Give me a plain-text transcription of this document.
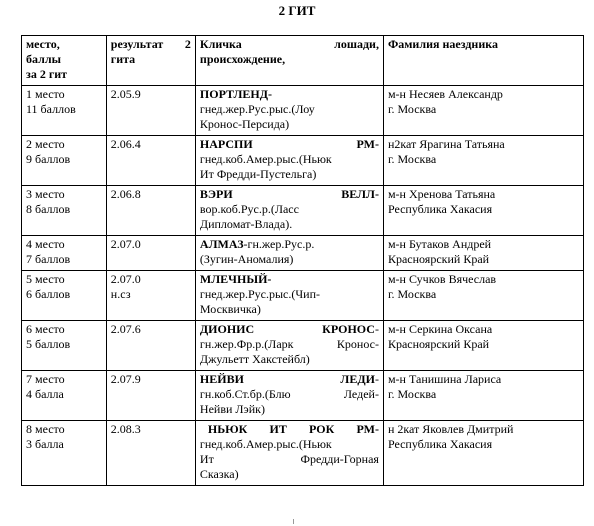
2 ГИТ
место,
баллы
за 2 гит	результат 2
гита	Кличка лошади,
происхождение,	Фамилия наездника

1 место
11 баллов	2.05.9	ПОРТЛЕНД-
гнед.жер.Рус.рыс.(Лоу
Кронос-Персида)	м-н Несяев Александр
г. Москва

2 место
9 баллов	2.06.4	НАРСПИ РМ-
гнед.коб.Амер.рыс.(Ньюк
Ит Фредди-Пустельга)	н2кат Ярагина Татьяна
г. Москва

3 место
8 баллов	2.06.8	ВЭРИ ВЕЛЛ-
вор.коб.Рус.р.(Ласс
Дипломат-Влада).	м-н Хренова Татьяна
Республика Хакасия

4 место
7 баллов	2.07.0	АЛМАЗ-гн.жер.Рус.р.
(Зугин-Аномалия)	м-н Бутаков Андрей
Красноярский Край

5 место
6 баллов	2.07.0
н.сз	МЛЕЧНЫЙ-
гнед.жер.Рус.рыс.(Чип-
Москвичка)	м-н Сучков Вячеслав
г. Москва

6 место
5 баллов	2.07.6	ДИОНИС КРОНОС-
гн.жер.Фр.р.(Ларк Кронос-
Джульетт Хакстейбл)	м-н Серкина Оксана
Красноярский Край

7 место
4 балла	2.07.9	НЕЙВИ ЛЕДИ-
гн.коб.Ст.бр.(Блю Ледей-
Нейви Лэйк)	м-н Танишина Лариса
г. Москва

8 место
3 балла	2.08.3	НЬЮК ИТ РОК РМ-
гнед.коб.Амер.рыс.(Ньюк
Ит Фредди-Горная
Сказка)	н 2кат Яковлев Дмитрий
Республика Хакасия
